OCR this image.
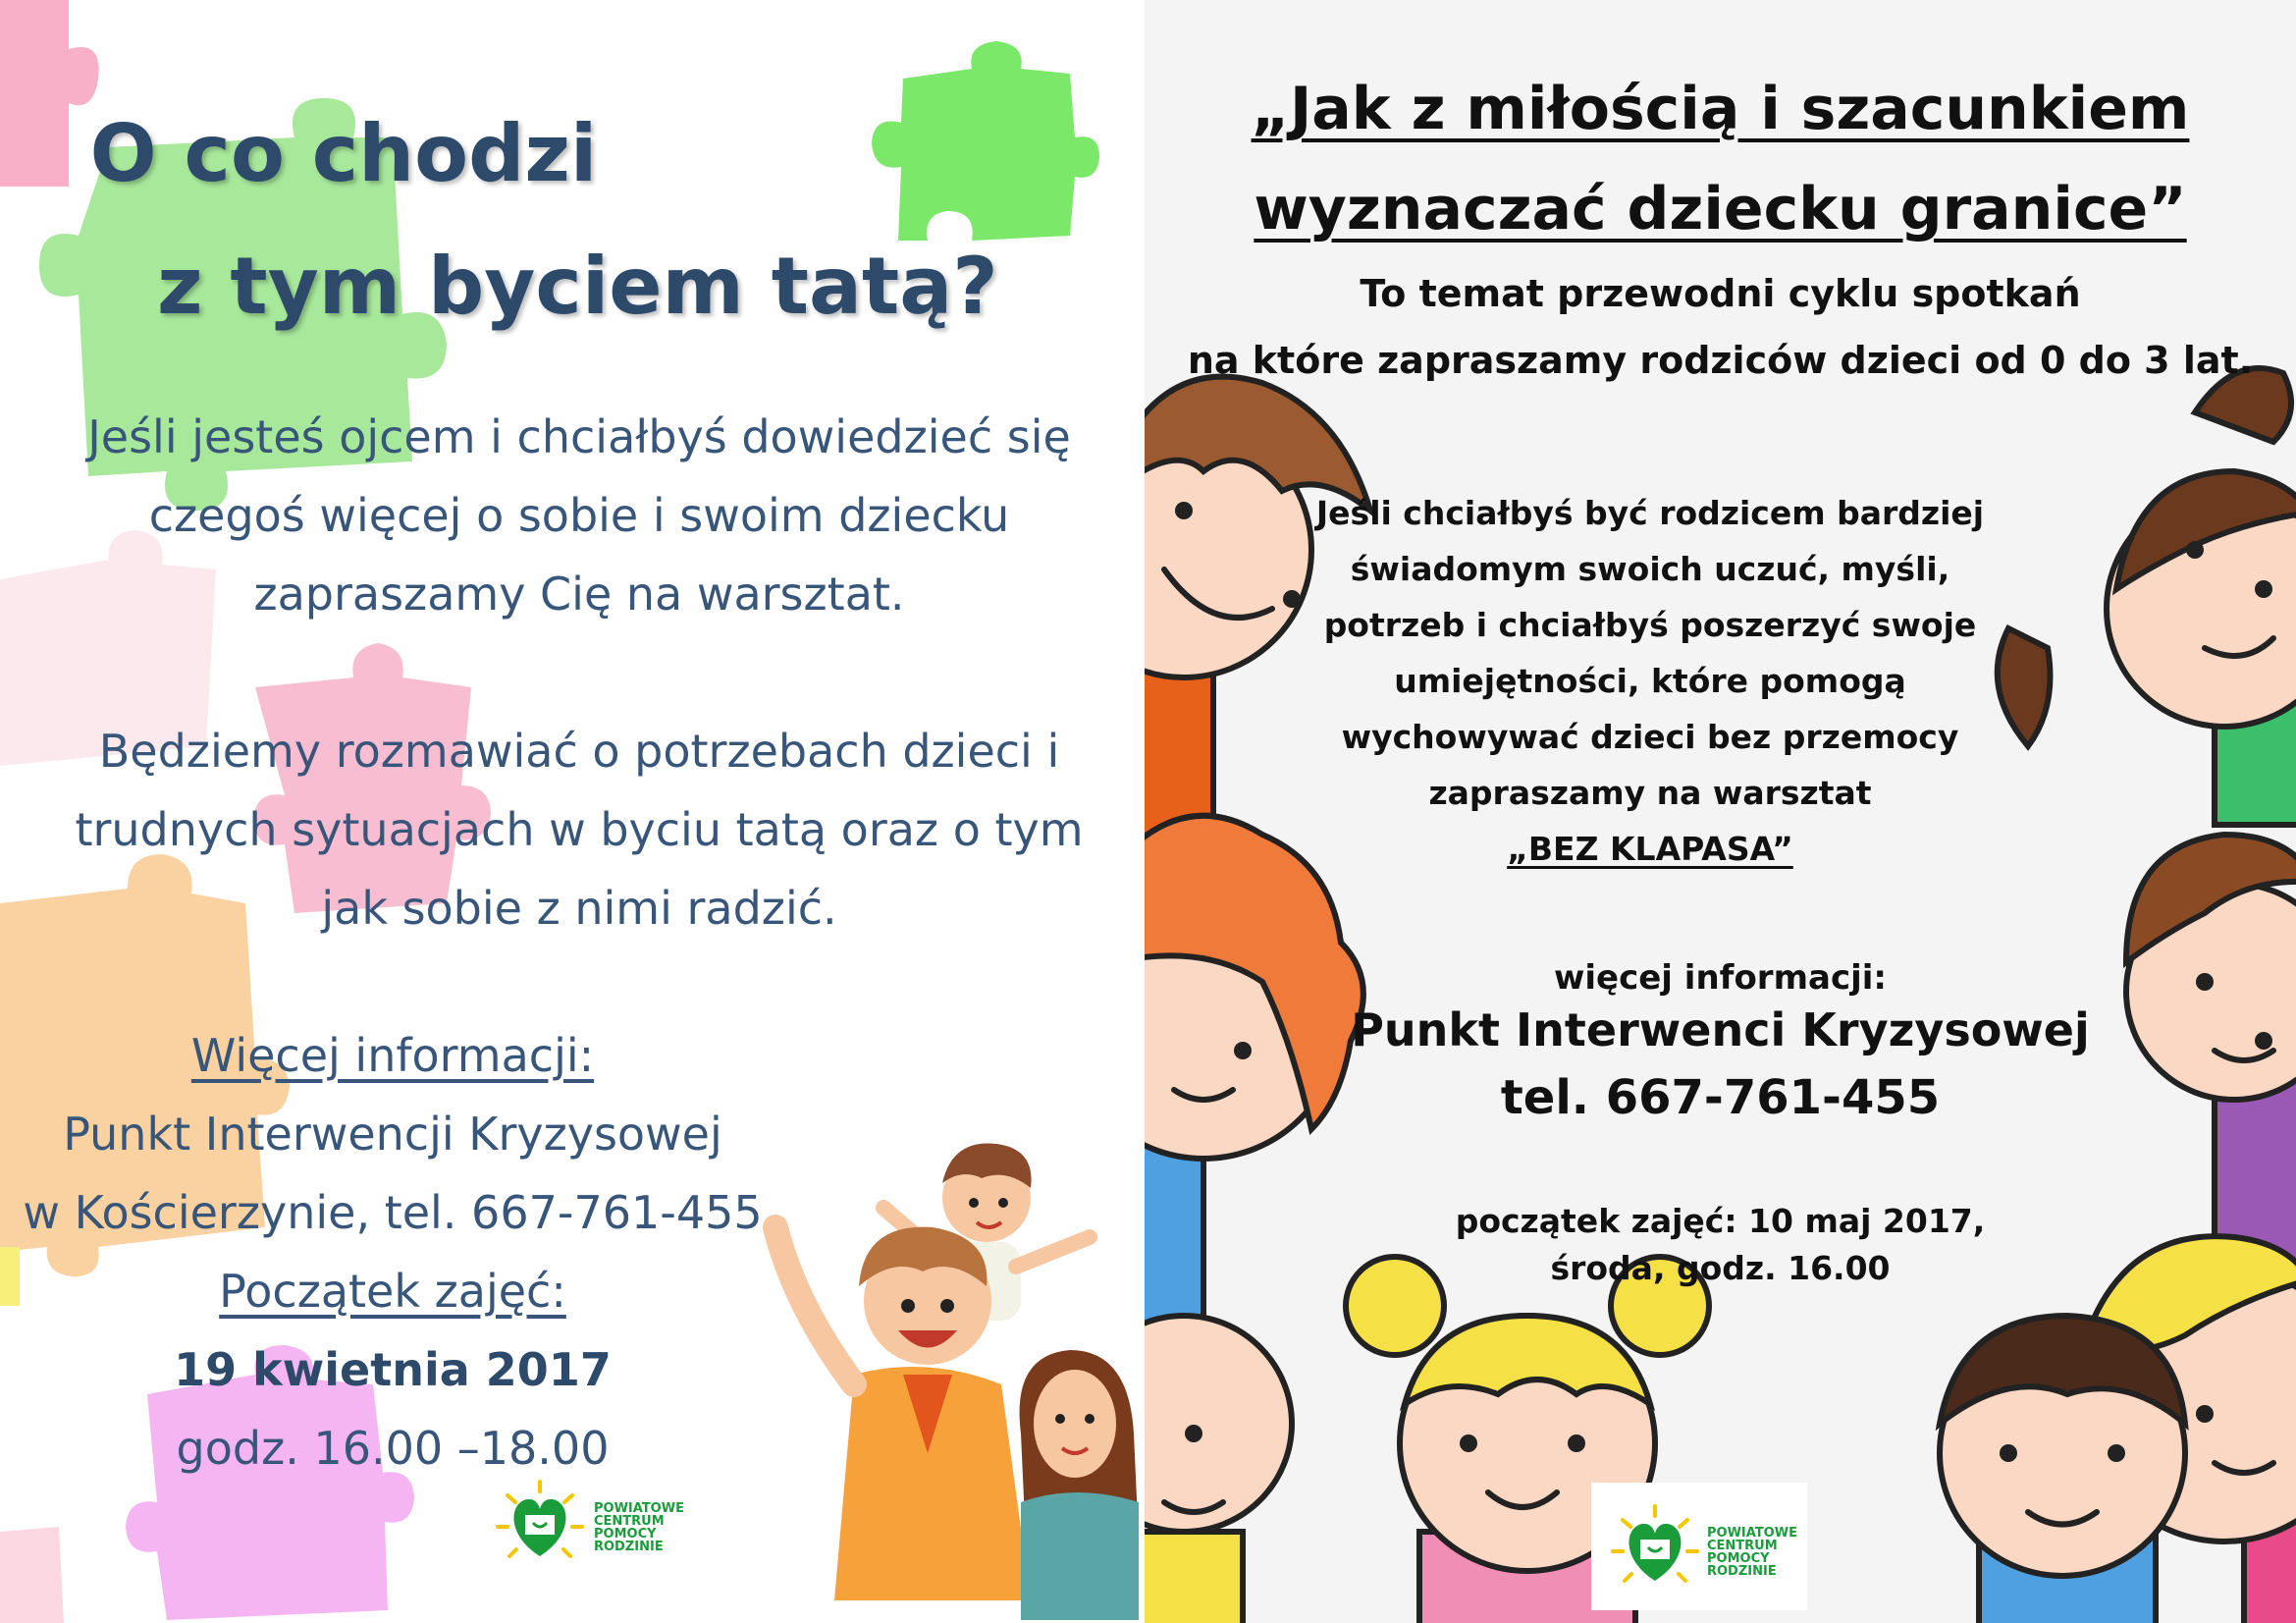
O co chodzi
z tym byciem tatą?
Jeśli jesteś ojcem i chciałbyś dowiedzieć się
czegoś więcej o sobie i swoim dziecku
zapraszamy Cię na warsztat.
Będziemy rozmawiać o potrzebach dzieci i
trudnych sytuacjach w byciu tatą oraz o tym
jak sobie z nimi radzić.
Więcej informacji:
Punkt Interwencji Kryzysowej
w Kościerzynie, tel. 667-761-455
Początek zajęć:
19 kwietnia 2017
godz. 16.00 –18.00
POWIATOWE
CENTRUM
POMOCY
RODZINIE
„Jak z miłością i szacunkiem
wyznaczać dziecku granice”
To temat przewodni cyklu spotkań
na które zapraszamy rodziców dzieci od 0 do 3 lat.
Jeśli chciałbyś być rodzicem bardziej
świadomym swoich uczuć, myśli,
potrzeb i chciałbyś poszerzyć swoje
umiejętności, które pomogą
wychowywać dzieci bez przemocy
zapraszamy na warsztat
„BEZ KLAPASA”
więcej informacji:
Punkt Interwenci Kryzysowej
tel. 667-761-455
początek zajęć: 10 maj 2017,
środa, godz. 16.00
POWIATOWE
CENTRUM
POMOCY
RODZINIE
